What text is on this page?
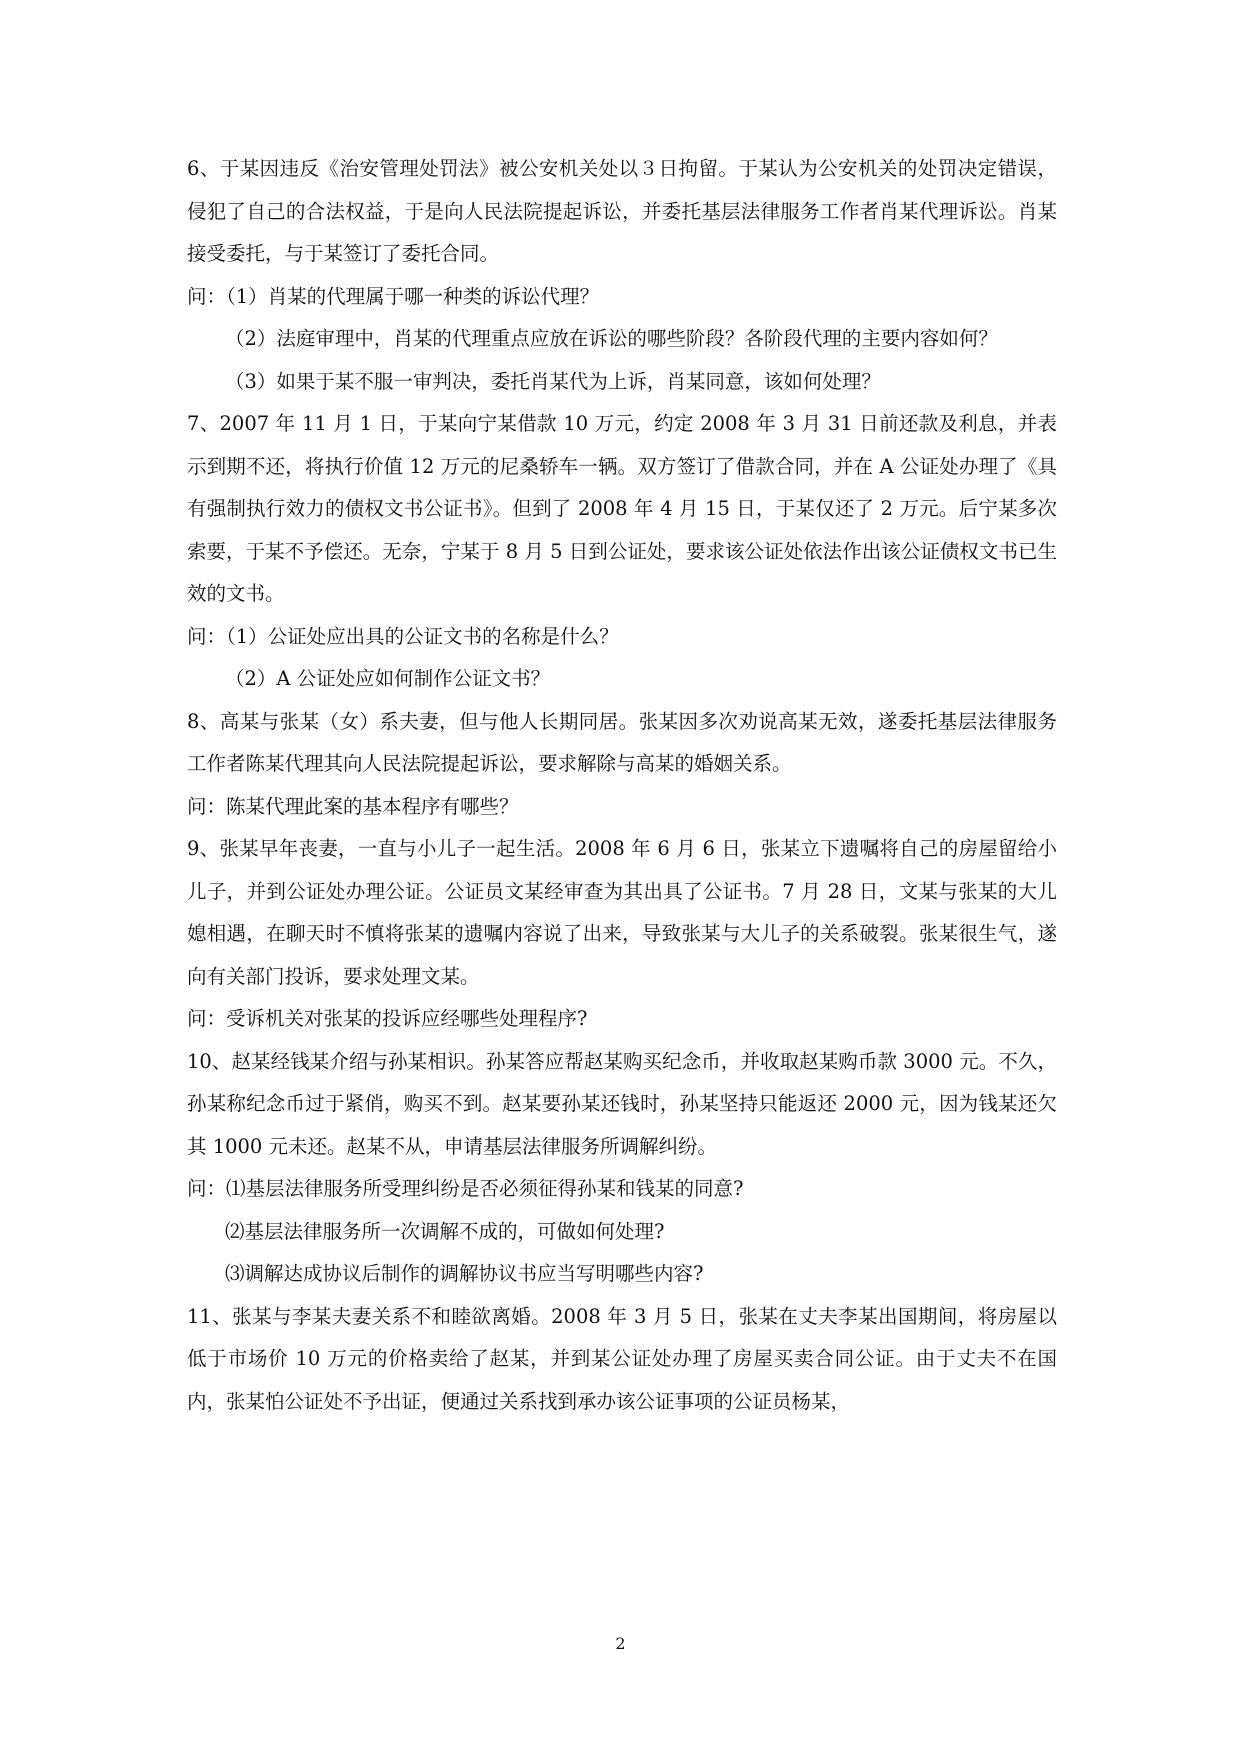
6、于某因违反《治安管理处罚法》被公安机关处以３日拘留。于某认为公安机关的处罚决定错误，侵犯了自己的合法权益，于是向人民法院提起诉讼，并委托基层法律服务工作者肖某代理诉讼。肖某接受委托，与于某签订了委托合同。

问：（1）肖某的代理属于哪一种类的诉讼代理？

（2）法庭审理中，肖某的代理重点应放在诉讼的哪些阶段？各阶段代理的主要内容如何？

（3）如果于某不服一审判决，委托肖某代为上诉，肖某同意，该如何处理？

7、2007 年 11 月 1 日，于某向宁某借款 10 万元，约定 2008 年 3 月 31 日前还款及利息，并表示到期不还，将执行价值 12 万元的尼桑轿车一辆。双方签订了借款合同，并在 A 公证处办理了《具有强制执行效力的债权文书公证书》。但到了 2008 年 4 月 15 日，于某仅还了 2 万元。后宁某多次索要，于某不予偿还。无奈，宁某于 8 月 5 日到公证处，要求该公证处依法作出该公证债权文书已生效的文书。

问：（1）公证处应出具的公证文书的名称是什么？

（2）A 公证处应如何制作公证文书？

8、高某与张某（女）系夫妻，但与他人长期同居。张某因多次劝说高某无效，遂委托基层法律服务工作者陈某代理其向人民法院提起诉讼，要求解除与高某的婚姻关系。

问：陈某代理此案的基本程序有哪些？

9、张某早年丧妻，一直与小儿子一起生活。2008 年 6 月 6 日，张某立下遗嘱将自己的房屋留给小儿子，并到公证处办理公证。公证员文某经审查为其出具了公证书。7 月 28 日，文某与张某的大儿媳相遇，在聊天时不慎将张某的遗嘱内容说了出来，导致张某与大儿子的关系破裂。张某很生气，遂向有关部门投诉，要求处理文某。

问：受诉机关对张某的投诉应经哪些处理程序?

10、赵某经钱某介绍与孙某相识。孙某答应帮赵某购买纪念币，并收取赵某购币款 3000 元。不久，孙某称纪念币过于紧俏，购买不到。赵某要孙某还钱时，孙某坚持只能返还 2000 元，因为钱某还欠其 1000 元未还。赵某不从，申请基层法律服务所调解纠纷。

问：⑴基层法律服务所受理纠纷是否必须征得孙某和钱某的同意?

⑵基层法律服务所一次调解不成的，可做如何处理?

⑶调解达成协议后制作的调解协议书应当写明哪些内容?

11、张某与李某夫妻关系不和睦欲离婚。2008 年 3 月 5 日，张某在丈夫李某出国期间，将房屋以低于市场价 10 万元的价格卖给了赵某，并到某公证处办理了房屋买卖合同公证。由于丈夫不在国内，张某怕公证处不予出证，便通过关系找到承办该公证事项的公证员杨某，

2
